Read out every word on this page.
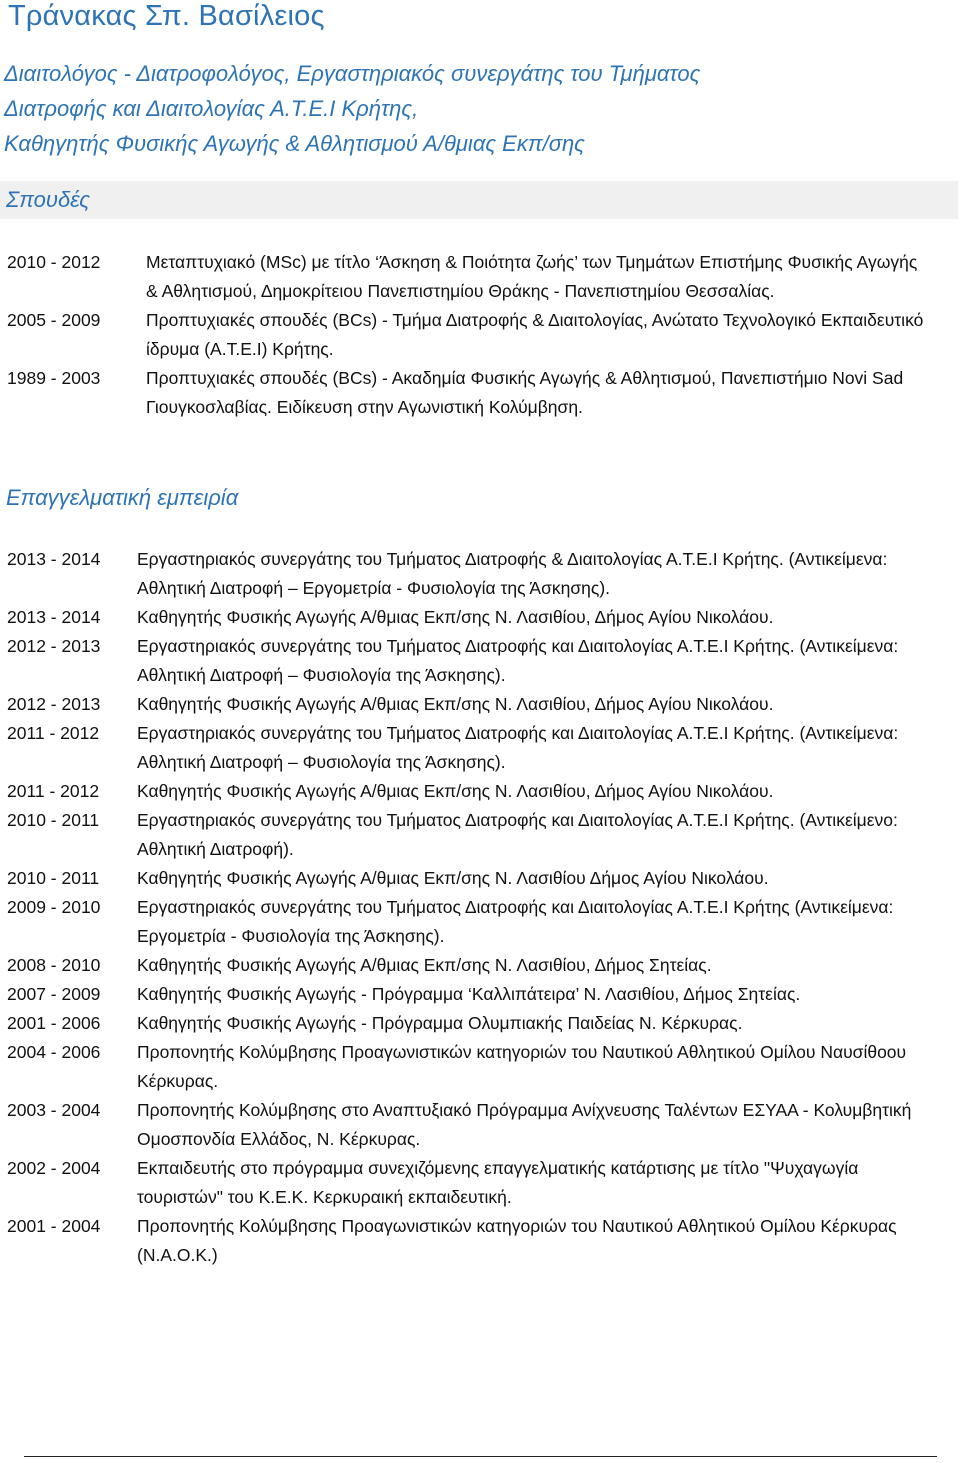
Τράνακας Σπ. Βασίλειος
Διαιτολόγος - Διατροφολόγος, Εργαστηριακός συνεργάτης του Τμήματος
Διατροφής και Διαιτολογίας Α.Τ.Ε.Ι Κρήτης,
Καθηγητής Φυσικής Αγωγής & Αθλητισμού Α/θμιας Εκπ/σης
Σπουδές
2010 - 2012	Μεταπτυχιακό (MSc) με τίτλο ‘Άσκηση & Ποιότητα ζωής’ των Τμημάτων Επιστήμης Φυσικής Αγωγής & Αθλητισμού, Δημοκρίτειου Πανεπιστημίου Θράκης - Πανεπιστημίου Θεσσαλίας.
2005 - 2009	Προπτυχιακές σπουδές (BCs) - Τμήμα Διατροφής & Διαιτολογίας, Ανώτατο Τεχνολογικό Εκπαιδευτικό ίδρυμα (Α.Τ.Ε.Ι) Κρήτης.
1989 - 2003	Προπτυχιακές σπουδές (BCs) - Ακαδημία Φυσικής Αγωγής & Αθλητισμού, Πανεπιστήμιο Novi Sad Γιουγκοσλαβίας. Ειδίκευση στην Αγωνιστική Κολύμβηση.
Επαγγελματική εμπειρία
2013 - 2014	Εργαστηριακός συνεργάτης του Τμήματος Διατροφής & Διαιτολογίας Α.Τ.Ε.Ι Κρήτης. (Αντικείμενα: Αθλητική Διατροφή – Εργομετρία - Φυσιολογία της Άσκησης).
2013 - 2014	Καθηγητής Φυσικής Αγωγής Α/θμιας Εκπ/σης Ν. Λασιθίου, Δήμος Αγίου Νικολάου.
2012 - 2013	Εργαστηριακός συνεργάτης του Τμήματος Διατροφής και Διαιτολογίας Α.Τ.Ε.Ι Κρήτης. (Αντικείμενα: Αθλητική Διατροφή – Φυσιολογία της Άσκησης).
2012 - 2013	Καθηγητής Φυσικής Αγωγής Α/θμιας Εκπ/σης Ν. Λασιθίου, Δήμος Αγίου Νικολάου.
2011 - 2012	Εργαστηριακός συνεργάτης του Τμήματος Διατροφής και Διαιτολογίας Α.Τ.Ε.Ι Κρήτης. (Αντικείμενα: Αθλητική Διατροφή – Φυσιολογία της Άσκησης).
2011 - 2012	Καθηγητής Φυσικής Αγωγής Α/θμιας Εκπ/σης Ν. Λασιθίου, Δήμος Αγίου Νικολάου.
2010 - 2011	Εργαστηριακός συνεργάτης του Τμήματος Διατροφής και Διαιτολογίας Α.Τ.Ε.Ι Κρήτης. (Αντικείμενο: Αθλητική Διατροφή).
2010 - 2011	Καθηγητής Φυσικής Αγωγής Α/θμιας Εκπ/σης Ν. Λασιθίου Δήμος Αγίου Νικολάου.
2009 - 2010	Εργαστηριακός συνεργάτης του Τμήματος Διατροφής και Διαιτολογίας Α.Τ.Ε.Ι Κρήτης (Αντικείμενα: Εργομετρία - Φυσιολογία της Άσκησης).
2008 - 2010	Καθηγητής Φυσικής Αγωγής Α/θμιας Εκπ/σης Ν. Λασιθίου, Δήμος Σητείας.
2007 - 2009	Καθηγητής Φυσικής Αγωγής - Πρόγραμμα ‘Καλλιπάτειρα’ Ν. Λασιθίου, Δήμος Σητείας.
2001 - 2006	Καθηγητής Φυσικής Αγωγής - Πρόγραμμα Ολυμπιακής Παιδείας Ν. Κέρκυρας.
2004 - 2006	Προπονητής Κολύμβησης Προαγωνιστικών κατηγοριών του Ναυτικού Αθλητικού Ομίλου Ναυσίθοου Κέρκυρας.
2003 - 2004	Προπονητής Κολύμβησης στο Αναπτυξιακό Πρόγραμμα Ανίχνευσης Ταλέντων ΕΣΥΑΑ - Κολυμβητική Ομοσπονδία Ελλάδος, Ν. Κέρκυρας.
2002 - 2004	Εκπαιδευτής στο πρόγραμμα συνεχιζόμενης επαγγελματικής κατάρτισης με τίτλο "Ψυχαγωγία τουριστών" του Κ.Ε.Κ. Κερκυραική εκπαιδευτική.
2001 - 2004	Προπονητής Κολύμβησης Προαγωνιστικών κατηγοριών του Ναυτικού Αθλητικού Ομίλου Κέρκυρας (Ν.Α.Ο.Κ.)
